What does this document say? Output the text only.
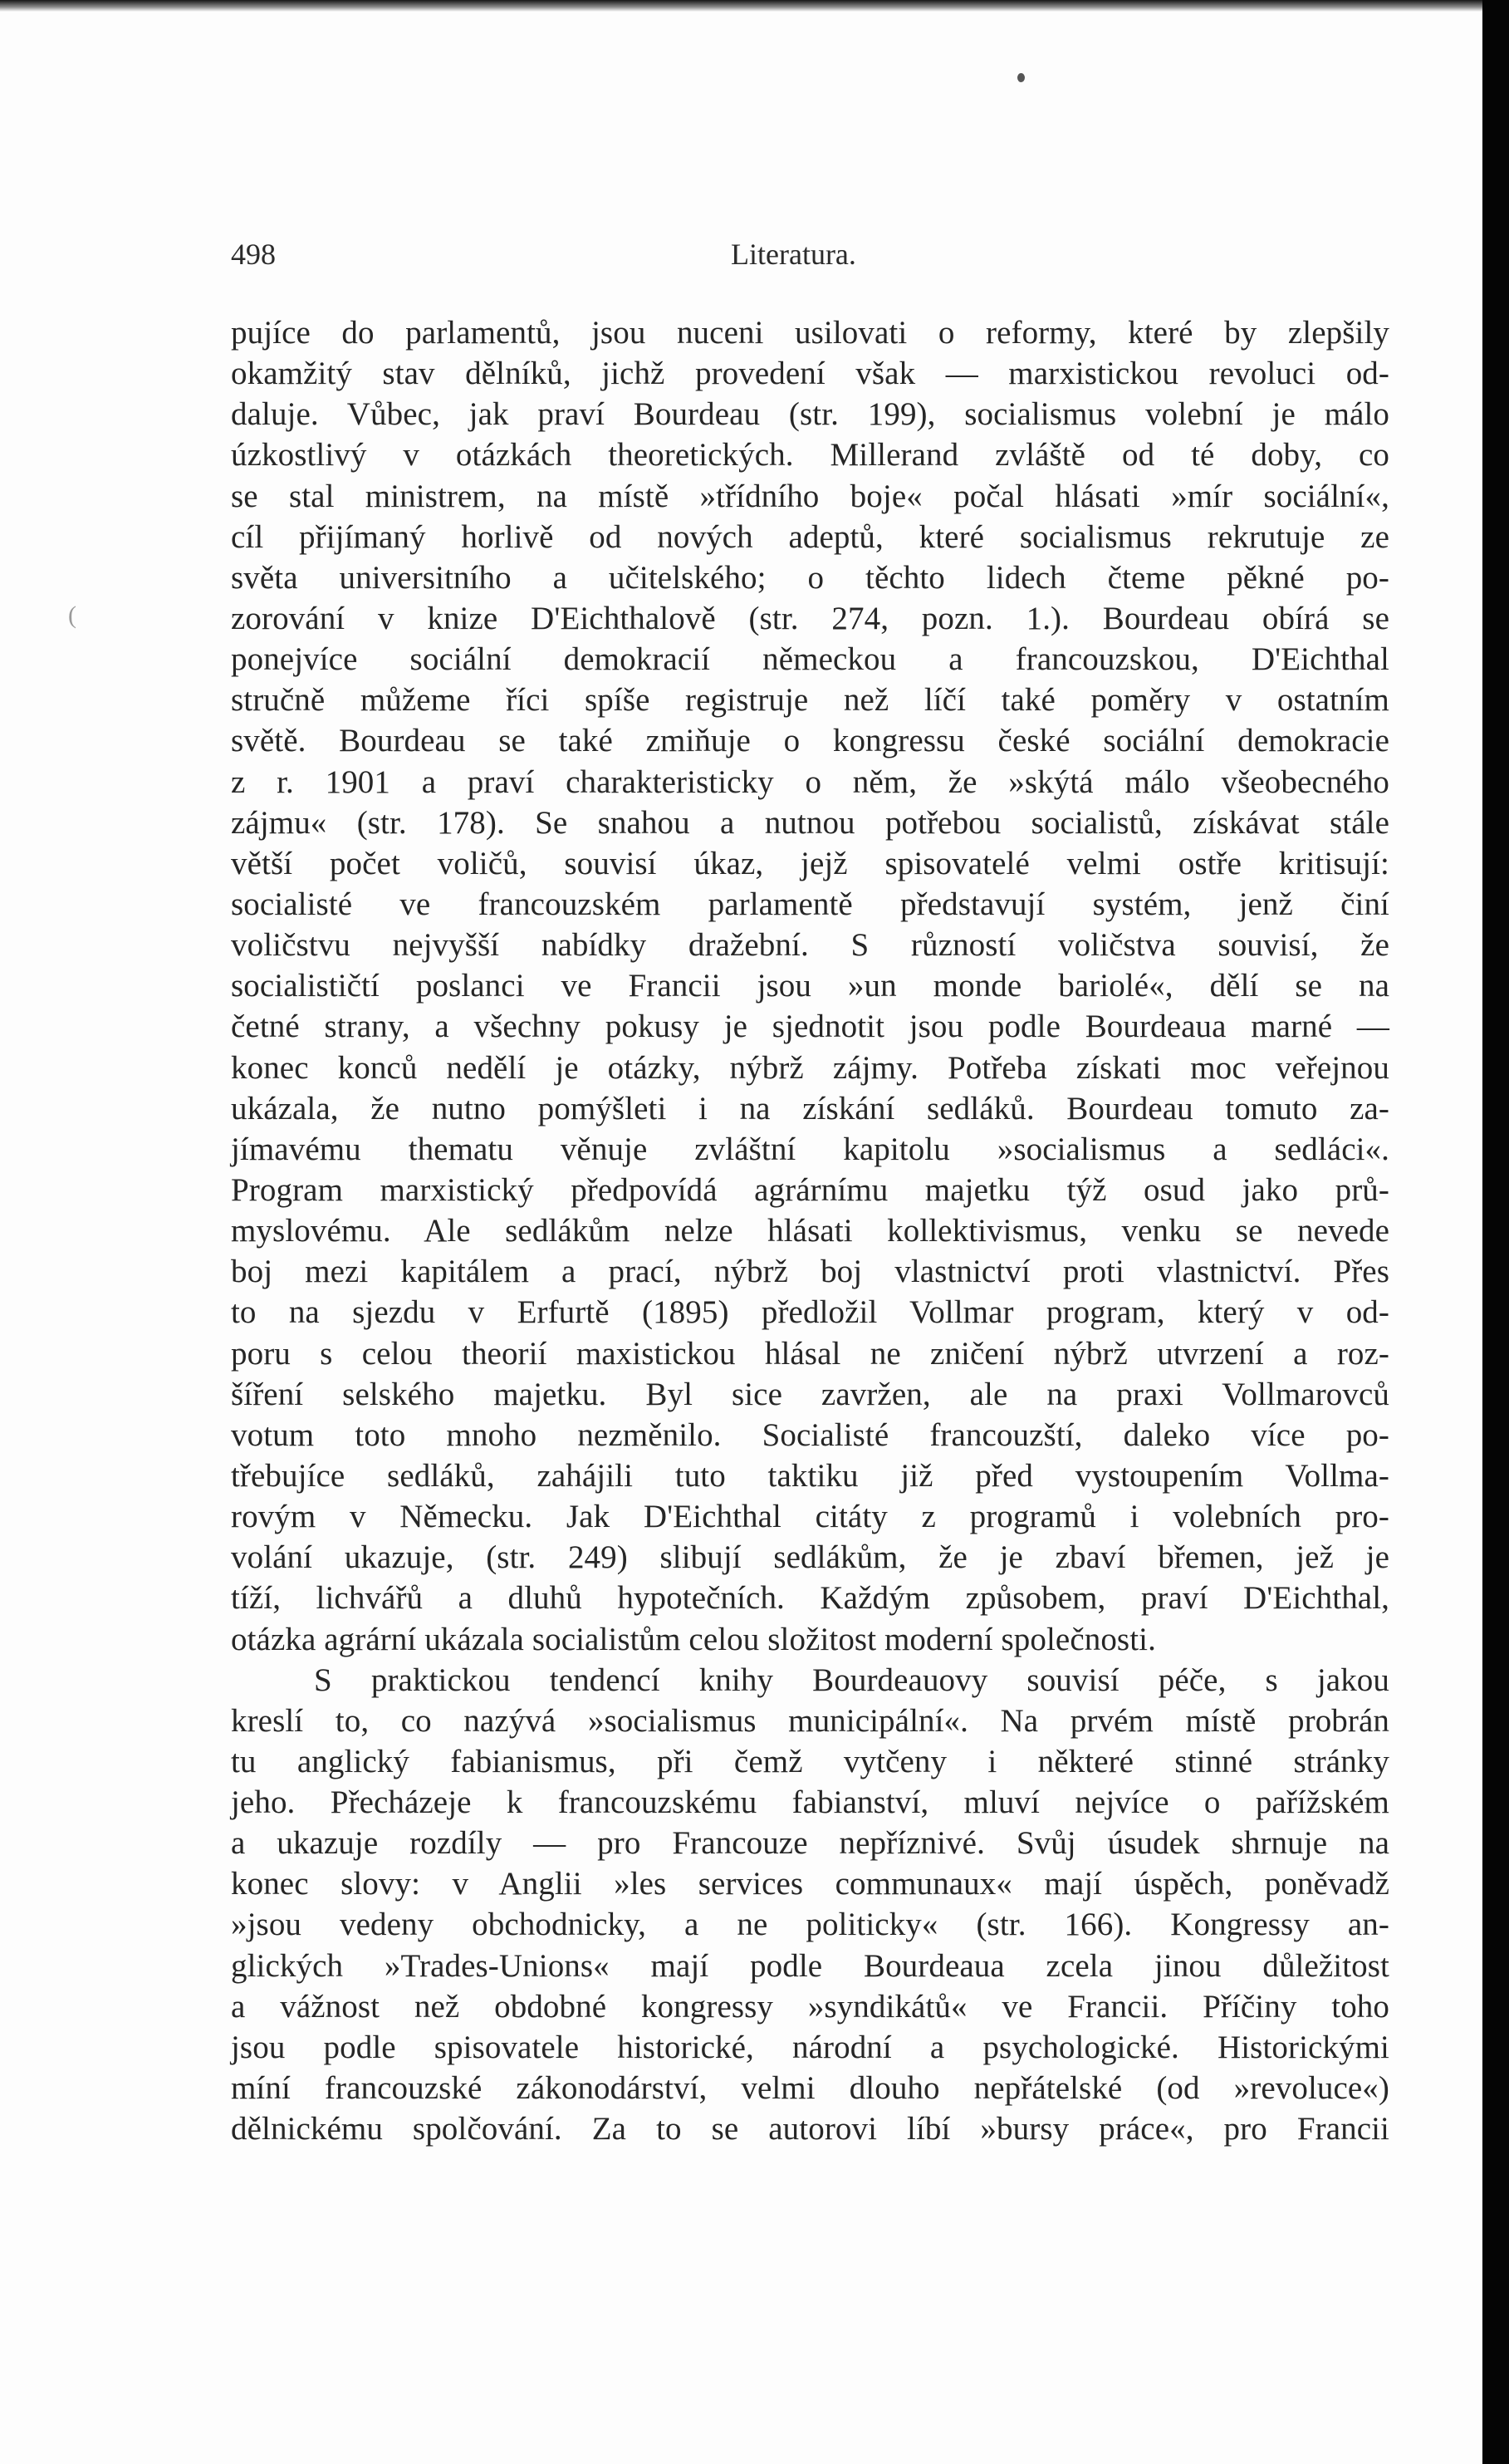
(
498	Literatura.
pujíce do parlamentů, jsou nuceni usilovati o reformy, které by zlepšily
okamžitý stav dělníků, jichž provedení však — marxistickou revoluci od-
daluje. Vůbec, jak praví Bourdeau (str. 199), socialismus volební je málo
úzkostlivý v otázkách theoretických. Millerand zvláště od té doby, co
se stal ministrem, na místě »třídního boje« počal hlásati »mír sociální«,
cíl přijímaný horlivě od nových adeptů, které socialismus rekrutuje ze
světa universitního a učitelského; o těchto lidech čteme pěkné po-
zorování v knize D'Eichthalově (str. 274, pozn. 1.). Bourdeau obírá se
ponejvíce sociální demokracií německou a francouzskou, D'Eichthal
stručně můžeme říci spíše registruje než líčí také poměry v ostatním
světě. Bourdeau se také zmiňuje o kongressu české sociální demokracie
z r. 1901 a praví charakteristicky o něm, že »skýtá málo všeobecného
zájmu« (str. 178). Se snahou a nutnou potřebou socialistů, získávat stále
větší počet voličů, souvisí úkaz, jejž spisovatelé velmi ostře kritisují:
socialisté ve francouzském parlamentě představují systém, jenž činí
voličstvu nejvyšší nabídky dražební. S růzností voličstva souvisí, že
socialističtí poslanci ve Francii jsou »un monde bariolé«, dělí se na
četné strany, a všechny pokusy je sjednotit jsou podle Bourdeaua marné —
konec konců nedělí je otázky, nýbrž zájmy. Potřeba získati moc veřejnou
ukázala, že nutno pomýšleti i na získání sedláků. Bourdeau tomuto za-
jímavému thematu věnuje zvláštní kapitolu »socialismus a sedláci«.
Program marxistický předpovídá agrárnímu majetku týž osud jako prů-
myslovému. Ale sedlákům nelze hlásati kollektivismus, venku se nevede
boj mezi kapitálem a prací, nýbrž boj vlastnictví proti vlastnictví. Přes
to na sjezdu v Erfurtě (1895) předložil Vollmar program, který v od-
poru s celou theorií maxistickou hlásal ne zničení nýbrž utvrzení a roz-
šíření selského majetku. Byl sice zavržen, ale na praxi Vollmarovců
votum toto mnoho nezměnilo. Socialisté francouzští, daleko více po-
třebujíce sedláků, zahájili tuto taktiku již před vystoupením Vollma-
rovým v Německu. Jak D'Eichthal citáty z programů i volebních pro-
volání ukazuje, (str. 249) slibují sedlákům, že je zbaví břemen, jež je
tíží, lichvářů a dluhů hypotečních. Každým způsobem, praví D'Eichthal,
otázka agrární ukázala socialistům celou složitost moderní společnosti.
S praktickou tendencí knihy Bourdeauovy souvisí péče, s jakou
kreslí to, co nazývá »socialismus municipální«. Na prvém místě probrán
tu anglický fabianismus, při čemž vytčeny i některé stinné stránky
jeho. Přecházeje k francouzskému fabianství, mluví nejvíce o pařížském
a ukazuje rozdíly — pro Francouze nepříznivé. Svůj úsudek shrnuje na
konec slovy: v Anglii »les services communaux« mají úspěch, poněvadž
»jsou vedeny obchodnicky, a ne politicky« (str. 166). Kongressy an-
glických »Trades-Unions« mají podle Bourdeaua zcela jinou důležitost
a vážnost než obdobné kongressy »syndikátů« ve Francii. Příčiny toho
jsou podle spisovatele historické, národní a psychologické. Historickými
míní francouzské zákonodárství, velmi dlouho nepřátelské (od »revoluce«)
dělnickému spolčování. Za to se autorovi líbí »bursy práce«, pro Francii
